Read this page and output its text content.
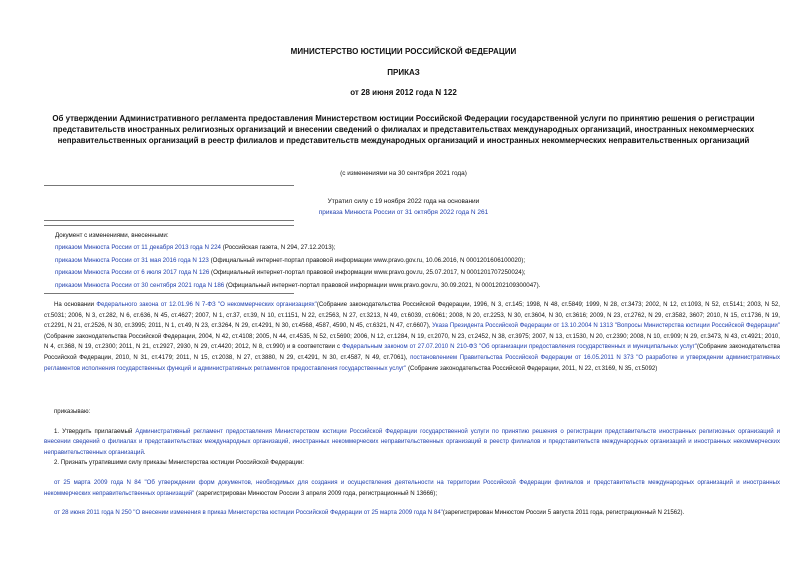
МИНИСТЕРСТВО ЮСТИЦИИ РОССИЙСКОЙ ФЕДЕРАЦИИ
ПРИКАЗ
от 28 июня 2012 года N 122
Об утверждении Административного регламента предоставления Министерством юстиции Российской Федерации государственной услуги по принятию решения о регистрации представительств иностранных религиозных организаций и внесении сведений о филиалах и представительствах международных организаций, иностранных некоммерческих неправительственных организаций в реестр филиалов и представительств международных организаций и иностранных некоммерческих неправительственных организаций
(с изменениями на 30 сентября 2021 года)
Утратил силу с 19 ноября 2022 года на основании
приказа Минюста России от 31 октября 2022 года N 261
Документ с изменениями, внесенными:
приказом Минюста России от 11 декабря 2013 года N 224 (Российская газета, N 294, 27.12.2013);
приказом Минюста России от 31 мая 2016 года N 123 (Официальный интернет-портал правовой информации www.pravo.gov.ru, 10.06.2016, N 0001201606100020);
приказом Минюста России от 6 июля 2017 года N 126 (Официальный интернет-портал правовой информации www.pravo.gov.ru, 25.07.2017, N 0001201707250024);
приказом Минюста России от 30 сентября 2021 года N 186 (Официальный интернет-портал правовой информации www.pravo.gov.ru, 30.09.2021, N 0001202109300047).
На основании Федерального закона от 12.01.96 N 7-ФЗ "О некоммерческих организациях"(Собрание законодательства Российской Федерации, 1996, N 3, ст.145; 1998, N 48, ст.5849; 1999, N 28, ст.3473; 2002, N 12, ст.1093, N 52, ст.5141; 2003, N 52, ст.5031; 2006, N 3, ст.282, N 6, ст.636, N 45, ст.4627; 2007, N 1, ст.37, ст.39, N 10, ст.1151, N 22, ст.2563, N 27, ст.3213, N 49, ст.6039, ст.6061; 2008, N 20, ст.2253, N 30, ст.3604, N 30, ст.3616; 2009, N 23, ст.2762, N 29, ст.3582, 3607; 2010, N 15, ст.1736, N 19, ст.2291, N 21, ст.2526, N 30, ст.3995; 2011, N 1, ст.49, N 23, ст.3264, N 29, ст.4291, N 30, ст.4568, 4587, 4590, N 45, ст.6321, N 47, ст.6607), Указа Президента Российской Федерации от 13.10.2004 N 1313 "Вопросы Министерства юстиции Российской Федерации"(Собрание законодательства Российской Федерации, 2004, N 42, ст.4108; 2005, N 44, ст.4535, N 52, ст.5690; 2006, N 12, ст.1284, N 19, ст.2070, N 23, ст.2452, N 38, ст.3975; 2007, N 13, ст.1530, N 20, ст.2390; 2008, N 10, ст.909; N 29, ст.3473, N 43, ст.4921; 2010, N 4, ст.368, N 19, ст.2300; 2011, N 21, ст.2927, 2930, N 29, ст.4420; 2012, N 8, ст.990) и в соответствии с Федеральным законом от 27.07.2010 N 210-ФЗ "Об организации предоставления государственных и муниципальных услуг"(Собрание законодательства Российской Федерации, 2010, N 31, ст.4179; 2011, N 15, ст.2038, N 27, ст.3880, N 29, ст.4291, N 30, ст.4587, N 49, ст.7061), постановлением Правительства Российской Федерации от 16.05.2011 N 373 "О разработке и утверждении административных регламентов исполнения государственных функций и административных регламентов предоставления государственных услуг" (Собрание законодательства Российской Федерации, 2011, N 22, ст.3169, N 35, ст.5092)
приказываю:
1. Утвердить прилагаемый Административный регламент предоставления Министерством юстиции Российской Федерации государственной услуги по принятию решения о регистрации представительств иностранных религиозных организаций и внесении сведений о филиалах и представительствах международных организаций, иностранных некоммерческих неправительственных организаций в реестр филиалов и представительств международных организаций и иностранных некоммерческих неправительственных организаций.
2. Признать утратившими силу приказы Министерства юстиции Российской Федерации:
от 25 марта 2009 года N 84 "Об утверждении форм документов, необходимых для создания и осуществления деятельности на территории Российской Федерации филиалов и представительств международных организаций и иностранных некоммерческих неправительственных организаций" (зарегистрирован Минюстом России 3 апреля 2009 года, регистрационный N 13666);
от 28 июня 2011 года N 250 "О внесении изменения в приказ Министерства юстиции Российской Федерации от 25 марта 2009 года N 84"(зарегистрирован Минюстом России 5 августа 2011 года, регистрационный N 21562).
